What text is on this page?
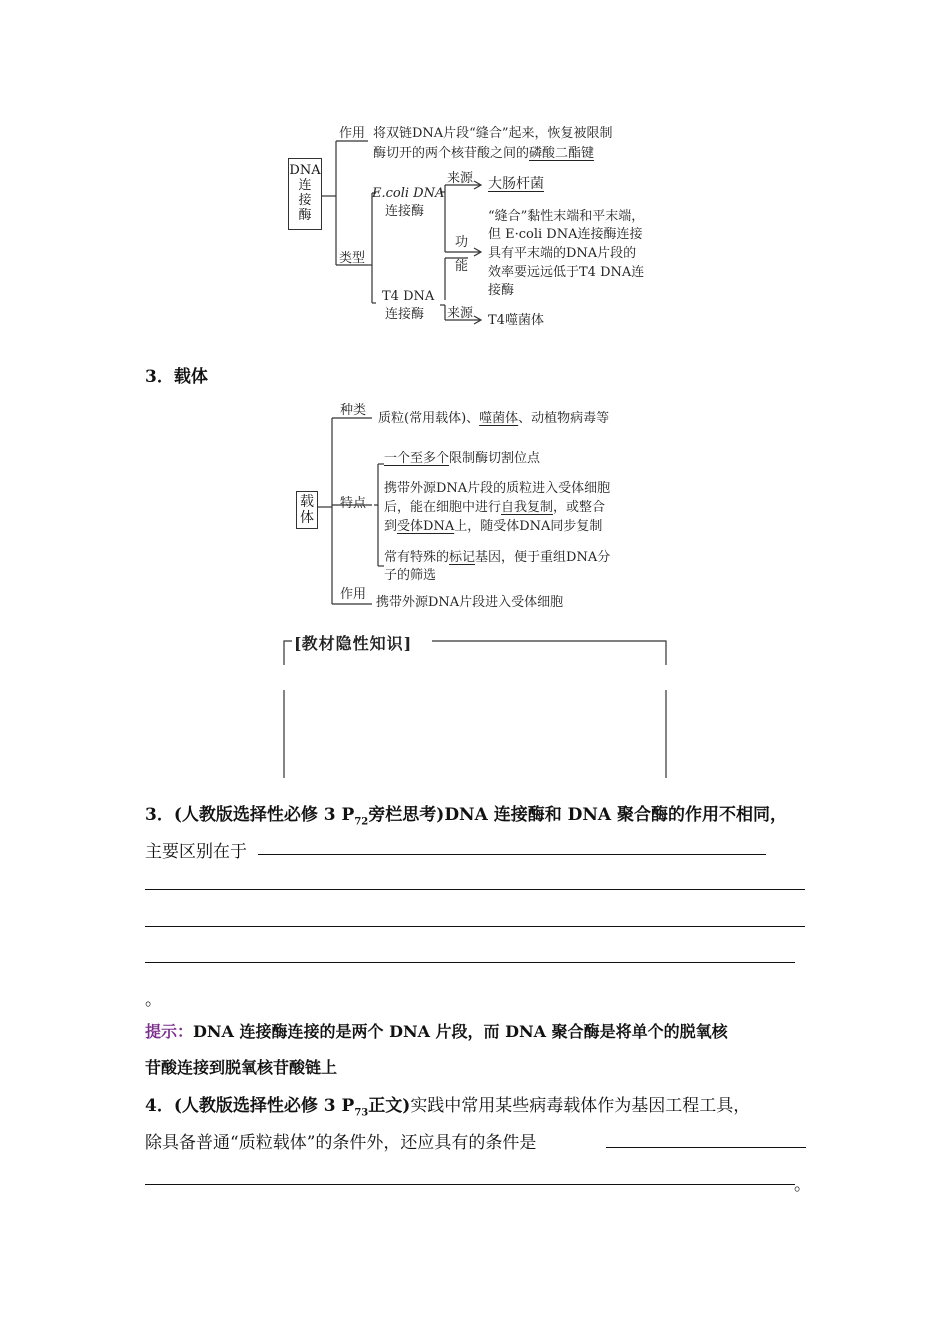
DNA
连
接
酶
作用 将双链DNA片段“缝合”起来，恢复被限制
酶切开的两个核苷酸之间的磷酸二酯键
类型
E.coli DNA
连接酶
来源 大肠杆菌
功
能
“缝合”黏性末端和平末端，
但 E·coli DNA连接酶连接
具有平末端的DNA片段的
效率要远远低于T4 DNA连
接酶
T4 DNA
连接酶 来源 T4噬菌体
3．载体
载
体
种类
质粒(常用载体)、噬菌体、动植物病毒等
特点
一个至多个限制酶切割位点
携带外源DNA片段的质粒进入受体细胞
后，能在细胞中进行自我复制，或整合
到受体DNA上，随受体DNA同步复制
常有特殊的标记基因，便于重组DNA分
子的筛选
作用
携带外源DNA片段进入受体细胞
[教材隐性知识]
3．(人教版选择性必修 3 $P_{72}$旁栏思考)DNA 连接酶和 DNA 聚合酶的作用不相同，
主要区别在于
。
提示：DNA 连接酶连接的是两个 DNA 片段，而 DNA 聚合酶是将单个的脱氧核
苷酸连接到脱氧核苷酸链上
4．(人教版选择性必修 3 $P_{73}$正文)实践中常用某些病毒载体作为基因工程工具，
除具备普通“质粒载体”的条件外，还应具有的条件是
。
